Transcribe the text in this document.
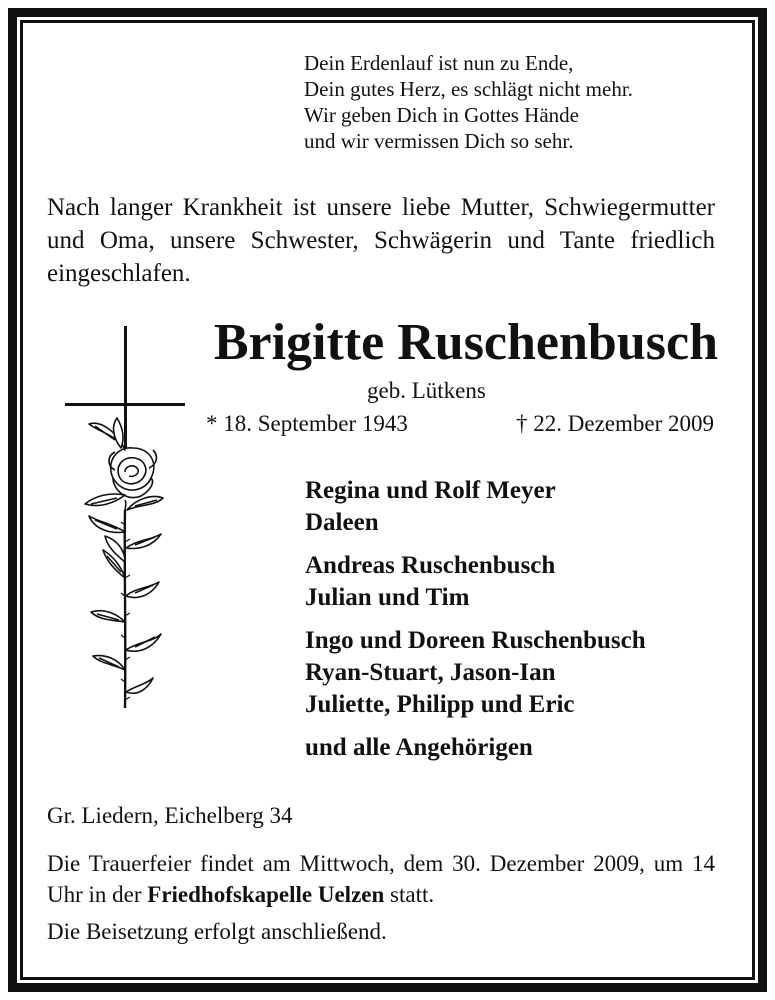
Dein Erdenlauf ist nun zu Ende,
Dein gutes Herz, es schlägt nicht mehr.
Wir geben Dich in Gottes Hände
und wir vermissen Dich so sehr.
Nach langer Krankheit ist unsere liebe Mutter, Schwiegermutter und Oma, unsere Schwester, Schwägerin und Tante friedlich eingeschlafen.
Brigitte Ruschenbusch
geb. Lütkens
* 18. September 1943	† 22. Dezember 2009
Regina und Rolf Meyer
Daleen
Andreas Ruschenbusch
Julian und Tim
Ingo und Doreen Ruschenbusch
Ryan-Stuart, Jason-Ian
Juliette, Philipp und Eric
und alle Angehörigen
Gr. Liedern, Eichelberg 34
Die Trauerfeier findet am Mittwoch, dem 30. Dezember 2009, um 14 Uhr in der Friedhofskapelle Uelzen statt.
Die Beisetzung erfolgt anschließend.
